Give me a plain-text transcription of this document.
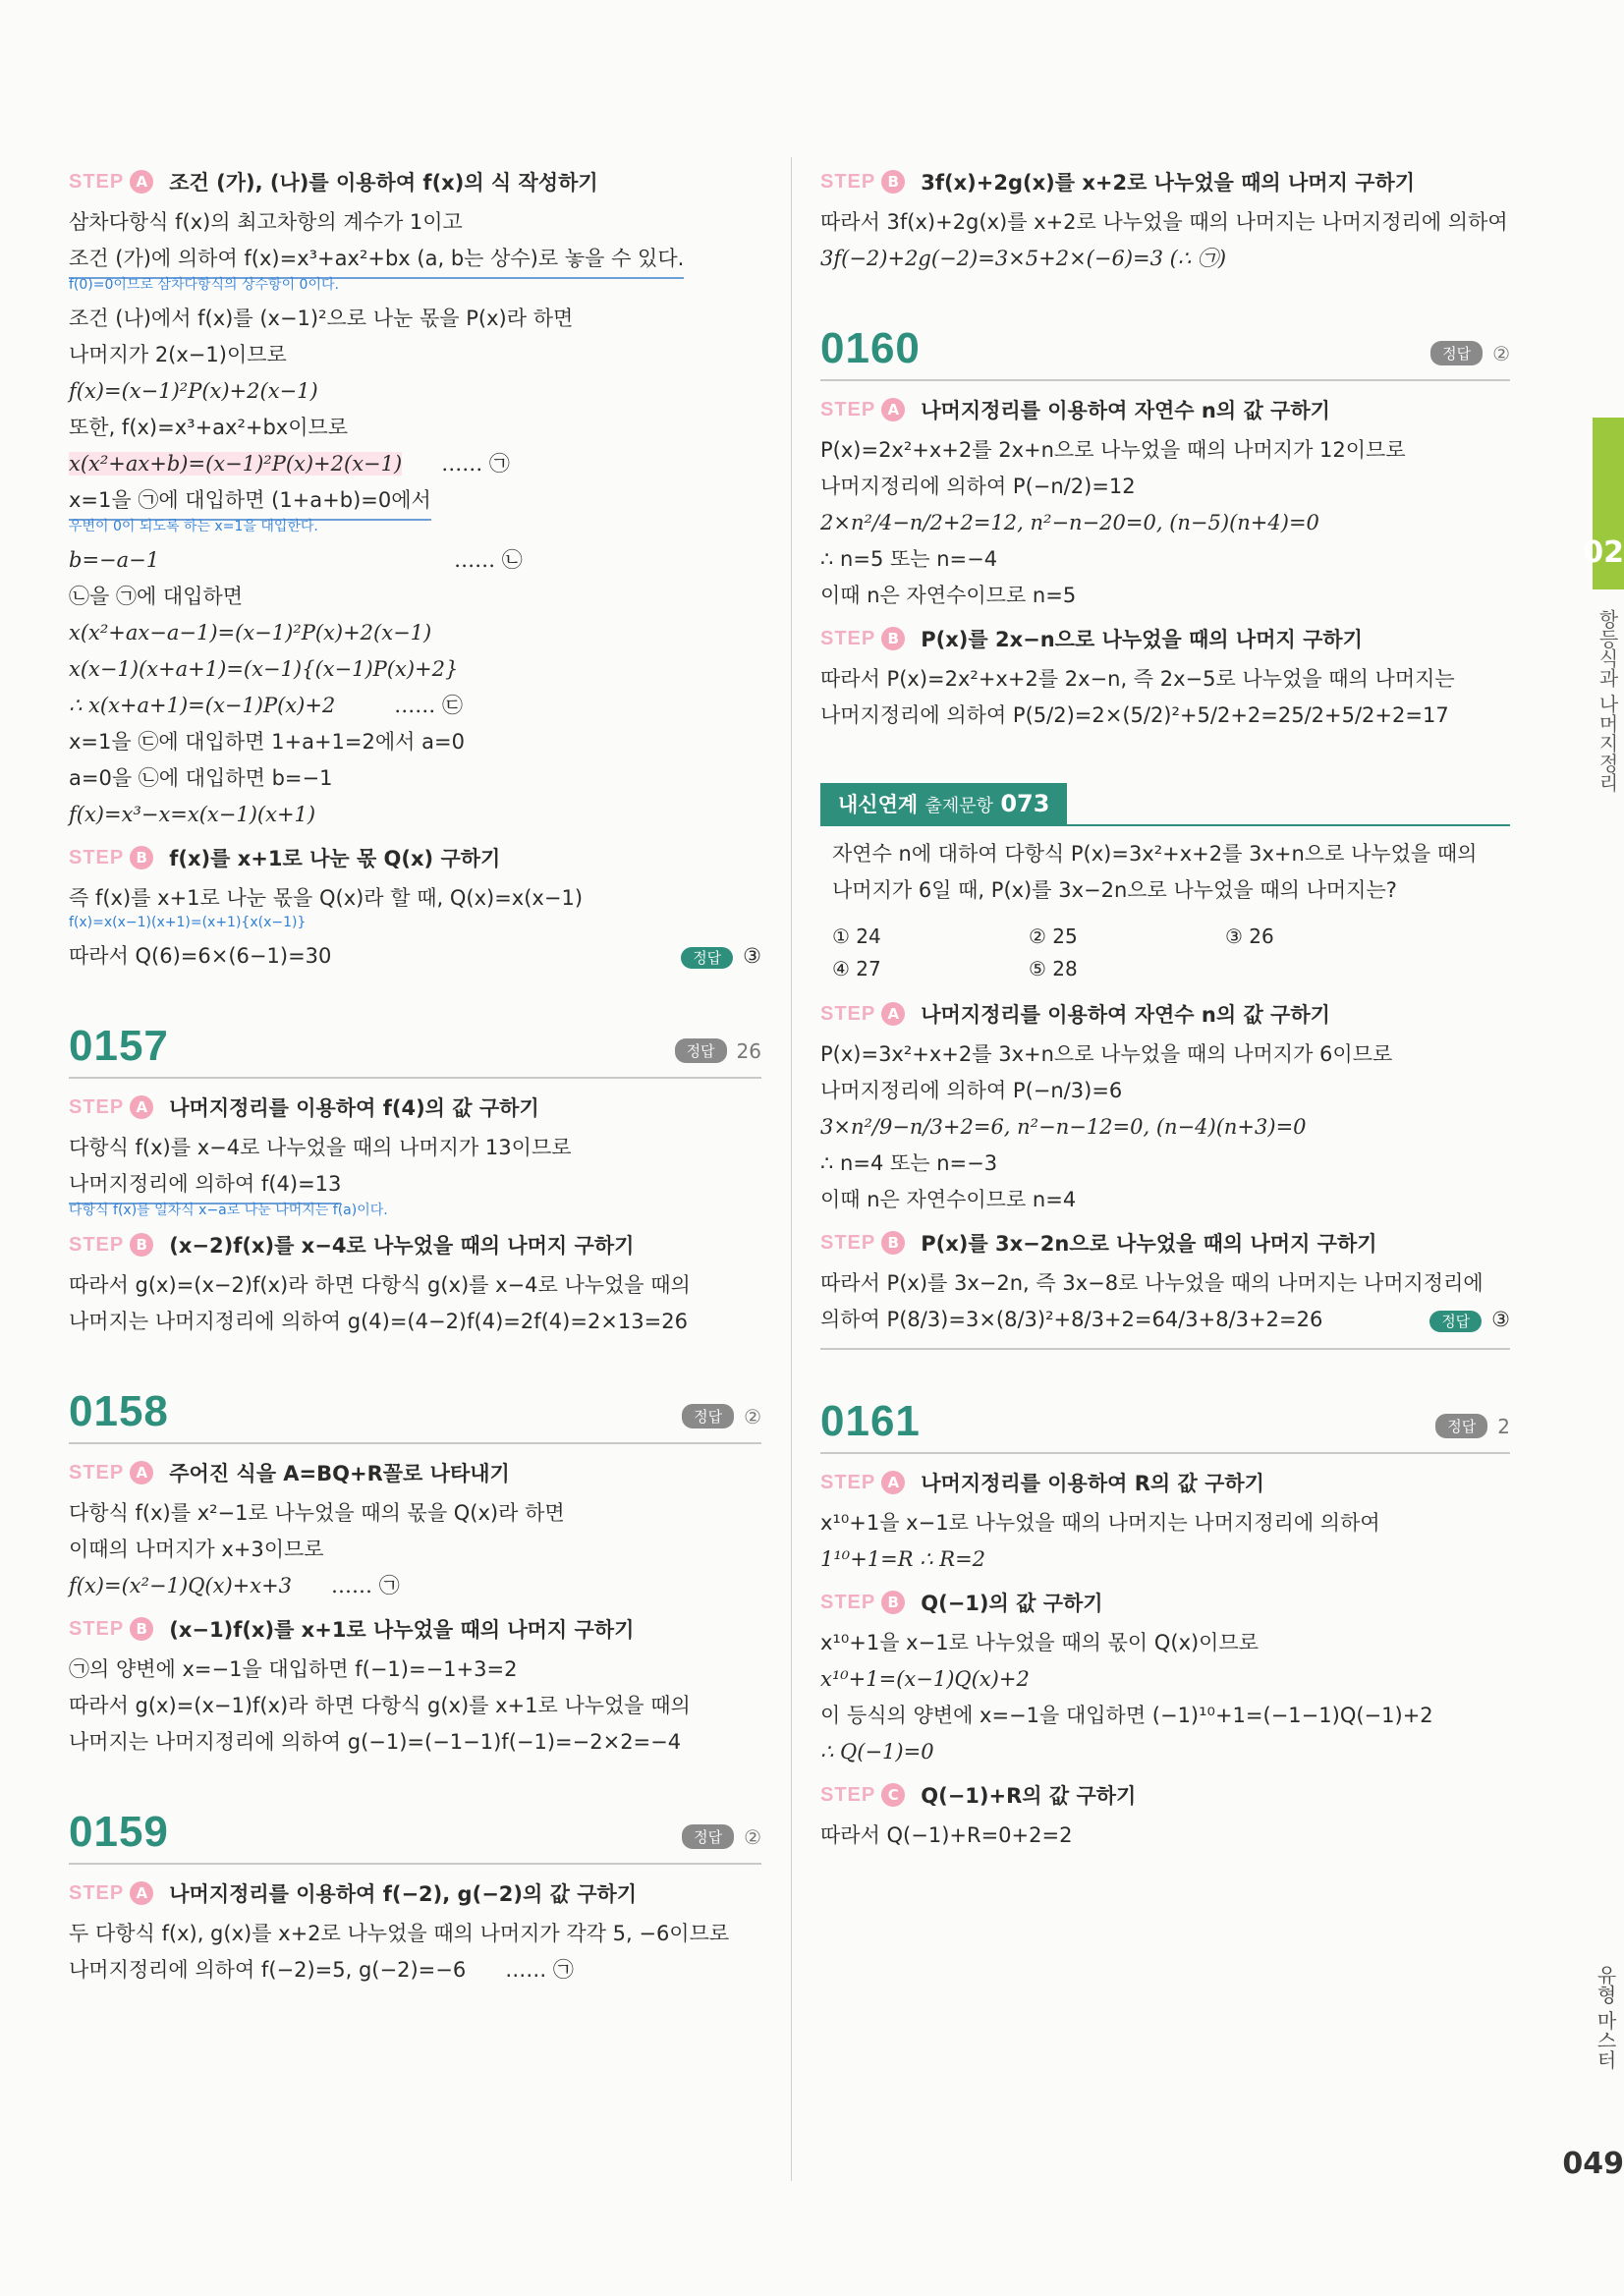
STEP A 조건 (가), (나)를 이용하여 f(x)의 식 작성하기
삼차다항식 f(x)의 최고차항의 계수가 1이고
조건 (가)에 의하여 f(x)=x³+ax²+bx (a, b는 상수)로 놓을 수 있다.
f(0)=0이므로 삼차다항식의 상수항이 0이다.
조건 (나)에서 f(x)를 (x−1)²으로 나눈 몫을 P(x)라 하면
나머지가 2(x−1)이므로
f(x)=(x−1)²P(x)+2(x−1)
또한, f(x)=x³+ax²+bx이므로
x(x²+ax+b)=(x−1)²P(x)+2(x−1) …… ㉠
x=1을 ㉠에 대입하면 (1+a+b)=0에서
우변이 0이 되도록 하는 x=1을 대입한다.
b=−a−1	…… ㉡
㉡을 ㉠에 대입하면
x(x²+ax−a−1)=(x−1)²P(x)+2(x−1)
x(x−1)(x+a+1)=(x−1){(x−1)P(x)+2}
∴ x(x+a+1)=(x−1)P(x)+2	…… ㉢
x=1을 ㉢에 대입하면 1+a+1=2에서 a=0
a=0을 ㉡에 대입하면 b=−1
f(x)=x³−x=x(x−1)(x+1)
STEP B f(x)를 x+1로 나눈 몫 Q(x) 구하기
즉 f(x)를 x+1로 나눈 몫을 Q(x)라 할 때, Q(x)=x(x−1)
f(x)=x(x−1)(x+1)=(x+1){x(x−1)}
따라서 Q(6)=6×(6−1)=30	정답 ③
0157	정답	26
STEP A 나머지정리를 이용하여 f(4)의 값 구하기
다항식 f(x)를 x−4로 나누었을 때의 나머지가 13이므로
나머지정리에 의하여 f(4)=13
다항식 f(x)를 일차식 x−a로 나눈 나머지는 f(a)이다.
STEP B (x−2)f(x)를 x−4로 나누었을 때의 나머지 구하기
따라서 g(x)=(x−2)f(x)라 하면 다항식 g(x)를 x−4로 나누었을 때의
나머지는 나머지정리에 의하여 g(4)=(4−2)f(4)=2f(4)=2×13=26
0158	정답	②
STEP A 주어진 식을 A=BQ+R꼴로 나타내기
다항식 f(x)를 x²−1로 나누었을 때의 몫을 Q(x)라 하면
이때의 나머지가 x+3이므로
f(x)=(x²−1)Q(x)+x+3 …… ㉠
STEP B (x−1)f(x)를 x+1로 나누었을 때의 나머지 구하기
㉠의 양변에 x=−1을 대입하면 f(−1)=−1+3=2
따라서 g(x)=(x−1)f(x)라 하면 다항식 g(x)를 x+1로 나누었을 때의
나머지는 나머지정리에 의하여 g(−1)=(−1−1)f(−1)=−2×2=−4
0159	정답	②
STEP A 나머지정리를 이용하여 f(−2), g(−2)의 값 구하기
두 다항식 f(x), g(x)를 x+2로 나누었을 때의 나머지가 각각 5, −6이므로
나머지정리에 의하여 f(−2)=5, g(−2)=−6 …… ㉠
STEP B 3f(x)+2g(x)를 x+2로 나누었을 때의 나머지 구하기
따라서 3f(x)+2g(x)를 x+2로 나누었을 때의 나머지는 나머지정리에 의하여
3f(−2)+2g(−2)=3×5+2×(−6)=3 (∴ ㉠)
0160	정답	②
STEP A 나머지정리를 이용하여 자연수 n의 값 구하기
P(x)=2x²+x+2를 2x+n으로 나누었을 때의 나머지가 12이므로
나머지정리에 의하여 P(−n/2)=12
2×n²/4−n/2+2=12, n²−n−20=0, (n−5)(n+4)=0
∴ n=5 또는 n=−4
이때 n은 자연수이므로 n=5
STEP B P(x)를 2x−n으로 나누었을 때의 나머지 구하기
따라서 P(x)=2x²+x+2를 2x−n, 즉 2x−5로 나누었을 때의 나머지는
나머지정리에 의하여 P(5/2)=2×(5/2)²+5/2+2=25/2+5/2+2=17
내신연계 출제문항 073
자연수 n에 대하여 다항식 P(x)=3x²+x+2를 3x+n으로 나누었을 때의
나머지가 6일 때, P(x)를 3x−2n으로 나누었을 때의 나머지는?
① 24	② 25	③ 26
④ 27	⑤ 28
STEP A 나머지정리를 이용하여 자연수 n의 값 구하기
P(x)=3x²+x+2를 3x+n으로 나누었을 때의 나머지가 6이므로
나머지정리에 의하여 P(−n/3)=6
3×n²/9−n/3+2=6, n²−n−12=0, (n−4)(n+3)=0
∴ n=4 또는 n=−3
이때 n은 자연수이므로 n=4
STEP B P(x)를 3x−2n으로 나누었을 때의 나머지 구하기
따라서 P(x)를 3x−2n, 즉 3x−8로 나누었을 때의 나머지는 나머지정리에
의하여 P(8/3)=3×(8/3)²+8/3+2=64/3+8/3+2=26	정답 ③
0161	정답	2
STEP A 나머지정리를 이용하여 R의 값 구하기
x¹⁰+1을 x−1로 나누었을 때의 나머지는 나머지정리에 의하여
1¹⁰+1=R ∴ R=2
STEP B Q(−1)의 값 구하기
x¹⁰+1을 x−1로 나누었을 때의 몫이 Q(x)이므로
x¹⁰+1=(x−1)Q(x)+2
이 등식의 양변에 x=−1을 대입하면 (−1)¹⁰+1=(−1−1)Q(−1)+2
∴ Q(−1)=0
STEP C	Q(−1)+R의 값 구하기
따라서 Q(−1)+R=0+2=2
02
항등식과 나머지정리
유형 마스터
049
